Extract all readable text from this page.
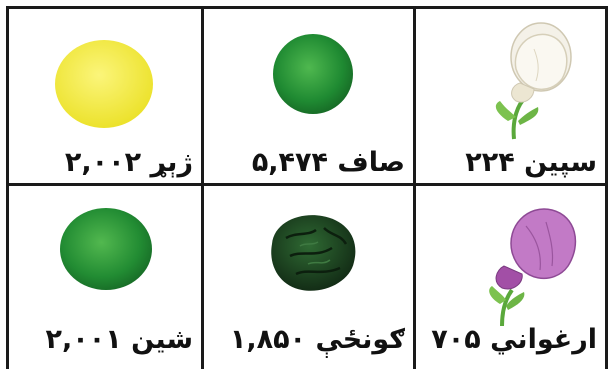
ژېړ ۲,۰۰۲	صاف ۵,۴۷۴	سپین ۲۲۴
شین ۲,۰۰۱	ګونځې ۱,۸۵۰ ارغواني ۷۰۵
